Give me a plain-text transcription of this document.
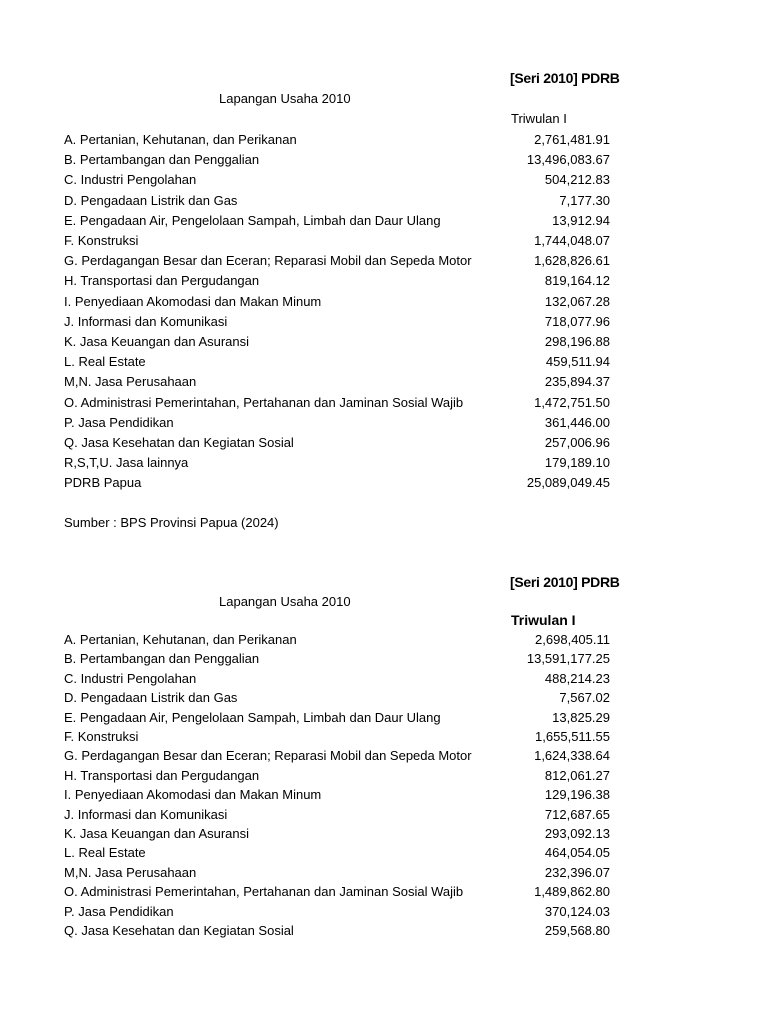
[Seri 2010] PDRB
Lapangan Usaha 2010
Triwulan I
A. Pertanian, Kehutanan, dan Perikanan	2,761,481.91
B. Pertambangan dan Penggalian	13,496,083.67
C. Industri Pengolahan	504,212.83
D. Pengadaan Listrik dan Gas	7,177.30
E. Pengadaan Air, Pengelolaan Sampah, Limbah dan Daur Ulang	13,912.94
F. Konstruksi	1,744,048.07
G. Perdagangan Besar dan Eceran; Reparasi Mobil dan Sepeda Motor	1,628,826.61
H. Transportasi dan Pergudangan	819,164.12
I. Penyediaan Akomodasi dan Makan Minum	132,067.28
J. Informasi dan Komunikasi	718,077.96
K. Jasa Keuangan dan Asuransi	298,196.88
L. Real Estate	459,511.94
M,N. Jasa Perusahaan	235,894.37
O. Administrasi Pemerintahan, Pertahanan dan Jaminan Sosial Wajib	1,472,751.50
P. Jasa Pendidikan	361,446.00
Q. Jasa Kesehatan dan Kegiatan Sosial	257,006.96
R,S,T,U. Jasa lainnya	179,189.10
PDRB Papua	25,089,049.45
Sumber : BPS Provinsi Papua (2024)
[Seri 2010] PDRB
Lapangan Usaha 2010
Triwulan I
A. Pertanian, Kehutanan, dan Perikanan	2,698,405.11
B. Pertambangan dan Penggalian	13,591,177.25
C. Industri Pengolahan	488,214.23
D. Pengadaan Listrik dan Gas	7,567.02
E. Pengadaan Air, Pengelolaan Sampah, Limbah dan Daur Ulang	13,825.29
F. Konstruksi	1,655,511.55
G. Perdagangan Besar dan Eceran; Reparasi Mobil dan Sepeda Motor	1,624,338.64
H. Transportasi dan Pergudangan	812,061.27
I. Penyediaan Akomodasi dan Makan Minum	129,196.38
J. Informasi dan Komunikasi	712,687.65
K. Jasa Keuangan dan Asuransi	293,092.13
L. Real Estate	464,054.05
M,N. Jasa Perusahaan	232,396.07
O. Administrasi Pemerintahan, Pertahanan dan Jaminan Sosial Wajib	1,489,862.80
P. Jasa Pendidikan	370,124.03
Q. Jasa Kesehatan dan Kegiatan Sosial	259,568.80
